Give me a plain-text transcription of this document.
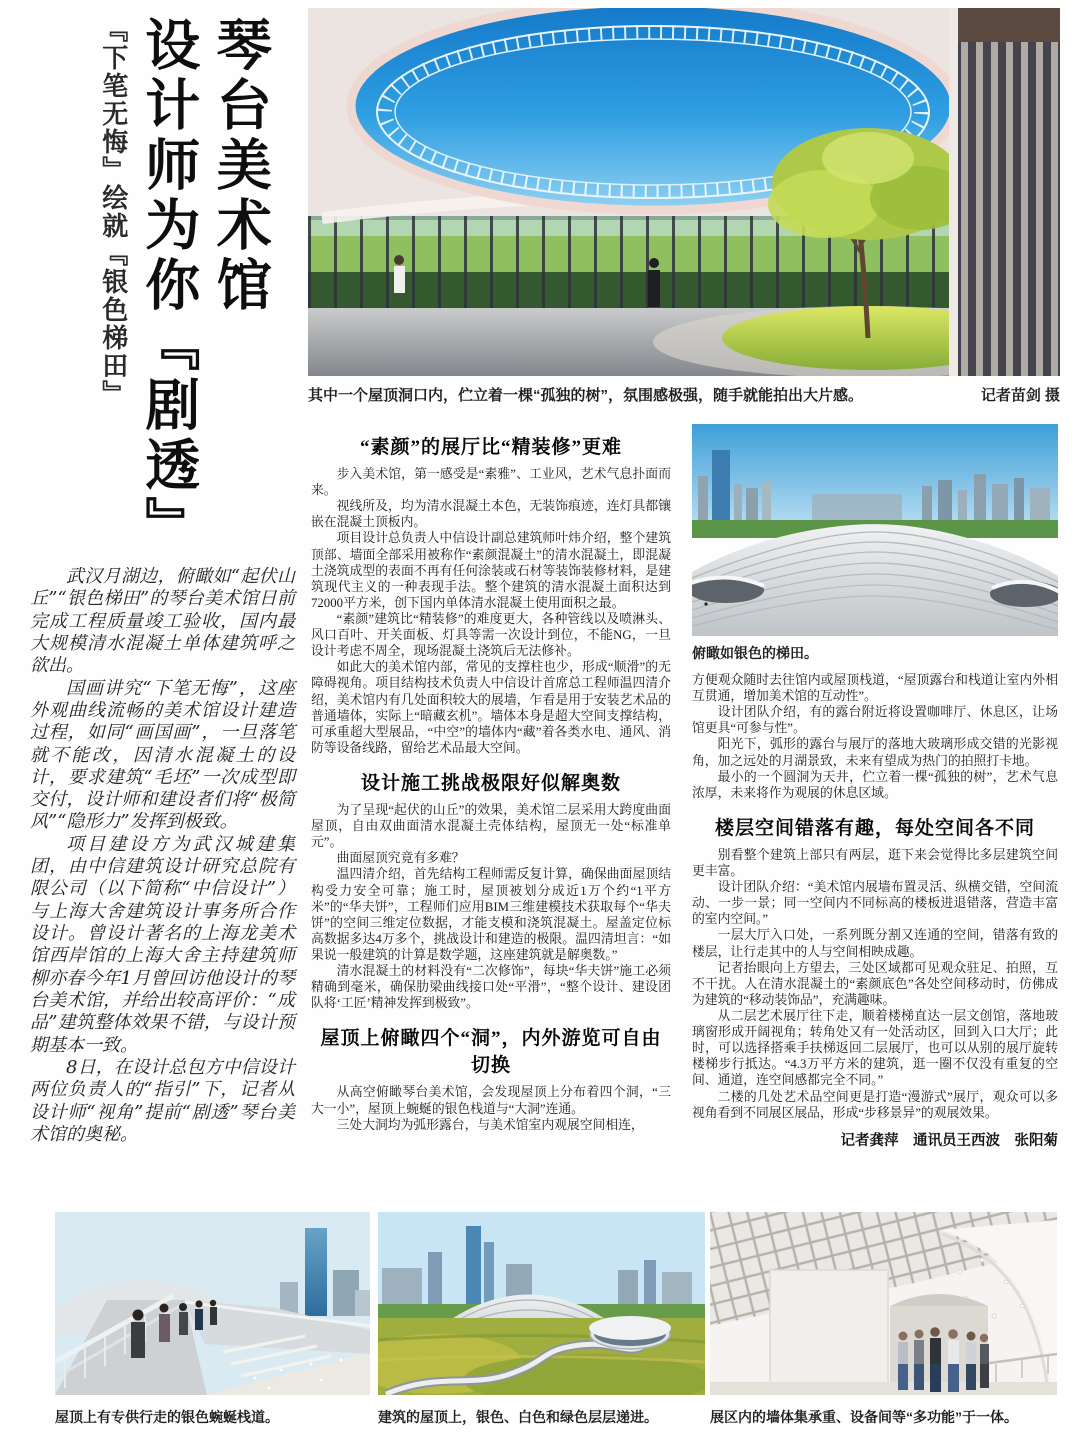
琴台美术馆
设计师为你『剧透』
『下笔无悔』绘就『银色梯田』	其中一个屋顶洞口内，伫立着一棵“孤独的树”，氛围感极强，随手就能拍出大片感。	记者苗剑 摄

武汉月湖边，俯瞰如“起伏山丘”“银色梯田”的琴台美术馆日前完成工程质量竣工验收，国内最大规模清水混凝土单体建筑呼之欲出。

国画讲究“下笔无悔”，这座外观曲线流畅的美术馆设计建造过程，如同“画国画”，一旦落笔就不能改，因清水混凝土的设计，要求建筑“毛坯”一次成型即交付，设计师和建设者们将“极简风”“隐形力”发挥到极致。

项目建设方为武汉城建集团，由中信建筑设计研究总院有限公司（以下简称“中信设计”）与上海大舍建筑设计事务所合作设计。曾设计著名的上海龙美术馆西岸馆的上海大舍主持建筑师柳亦春今年1月曾回访他设计的琴台美术馆，并给出较高评价：“成品”建筑整体效果不错，与设计预期基本一致。

8日，在设计总包方中信设计两位负责人的“指引”下，记者从设计师“视角”提前“剧透”琴台美术馆的奥秘。

“素颜”的展厅比“精装修”更难

步入美术馆，第一感受是“素雅”、工业风，艺术气息扑面而来。

视线所及，均为清水混凝土本色，无装饰痕迹，连灯具都镶嵌在混凝土顶板内。

项目设计总负责人中信设计副总建筑师叶炜介绍，整个建筑顶部、墙面全部采用被称作“素颜混凝土”的清水混凝土，即混凝土浇筑成型的表面不再有任何涂装或石材等装饰装修材料，是建筑现代主义的一种表现手法。整个建筑的清水混凝土面积达到72000平方米，创下国内单体清水混凝土使用面积之最。

“素颜”建筑比“精装修”的难度更大，各种管线以及喷淋头、风口百叶、开关面板、灯具等需一次设计到位，不能NG，一旦设计考虑不周全，现场混凝土浇筑后无法修补。

如此大的美术馆内部，常见的支撑柱也少，形成“顺滑”的无障碍视角。项目结构技术负责人中信设计首席总工程师温四清介绍，美术馆内有几处面积较大的展墙，乍看是用于安装艺术品的普通墙体，实际上“暗藏玄机”。墙体本身是超大空间支撑结构，可承重超大型展品，“中空”的墙体内“藏”着各类水电、通风、消防等设备线路，留给艺术品最大空间。

设计施工挑战极限好似解奥数

为了呈现“起伏的山丘”的效果，美术馆二层采用大跨度曲面屋顶，自由双曲面清水混凝土壳体结构，屋顶无一处“标准单元”。

曲面屋顶究竟有多难？

温四清介绍，首先结构工程师需反复计算，确保曲面屋顶结构受力安全可靠；施工时，屋顶被划分成近1万个约“1平方米”的“华夫饼”，工程师们应用BIM三维建模技术获取每个“华夫饼”的空间三维定位数据，才能支模和浇筑混凝土。屋盖定位标高数据多达4万多个，挑战设计和建造的极限。温四清坦言：“如果说一般建筑的计算是数学题，这座建筑就是解奥数。”

清水混凝土的材料没有“二次修饰”，每块“华夫饼”施工必须精确到毫米，确保肋梁曲线接口处“平滑”，“整个设计、建设团队将‘工匠’精神发挥到极致”。

屋顶上俯瞰四个“洞”，内外游览可自由切换

从高空俯瞰琴台美术馆，会发现屋顶上分布着四个洞，“三大一小”，屋顶上蜿蜒的银色栈道与“大洞”连通。

三处大洞均为弧形露台，与美术馆室内观展空间相连，

俯瞰如银色的梯田。

方便观众随时去往馆内或屋顶栈道，“屋顶露台和栈道让室内外相互贯通，增加美术馆的互动性”。

设计团队介绍，有的露台附近将设置咖啡厅、休息区，让场馆更具“可参与性”。

阳光下，弧形的露台与展厅的落地大玻璃形成交错的光影视角，加之远处的月湖景致，未来有望成为热门的拍照打卡地。

最小的一个圆洞为天井，伫立着一棵“孤独的树”，艺术气息浓厚，未来将作为观展的休息区域。

楼层空间错落有趣，每处空间各不同

别看整个建筑上部只有两层，逛下来会觉得比多层建筑空间更丰富。

设计团队介绍：“美术馆内展墙布置灵活、纵横交错，空间流动、一步一景；同一空间内不同标高的楼板进退错落，营造丰富的室内空间。”

一层大厅入口处，一系列既分割又连通的空间，错落有致的楼层，让行走其中的人与空间相映成趣。

记者抬眼向上方望去，三处区域都可见观众驻足、拍照，互不干扰。人在清水混凝土的“素颜底色”各处空间移动时，仿佛成为建筑的“移动装饰品”，充满趣味。

从二层艺术展厅往下走，顺着楼梯直达一层文创馆，落地玻璃窗形成开阔视角；转角处又有一处活动区，回到入口大厅；此时，可以选择搭乘手扶梯返回二层展厅，也可以从别的展厅旋转楼梯步行抵达。“4.3万平方米的建筑，逛一圈不仅没有重复的空间、通道，连空间感都完全不同。”

二楼的几处艺术品空间更是打造“漫游式”展厅，观众可以多视角看到不同展区展品，形成“步移景异”的观展效果。

记者龚萍　通讯员王西波　张阳菊

屋顶上有专供行走的银色蜿蜒栈道。	建筑的屋顶上，银色、白色和绿色层层递进。	展区内的墙体集承重、设备间等“多功能”于一体。
